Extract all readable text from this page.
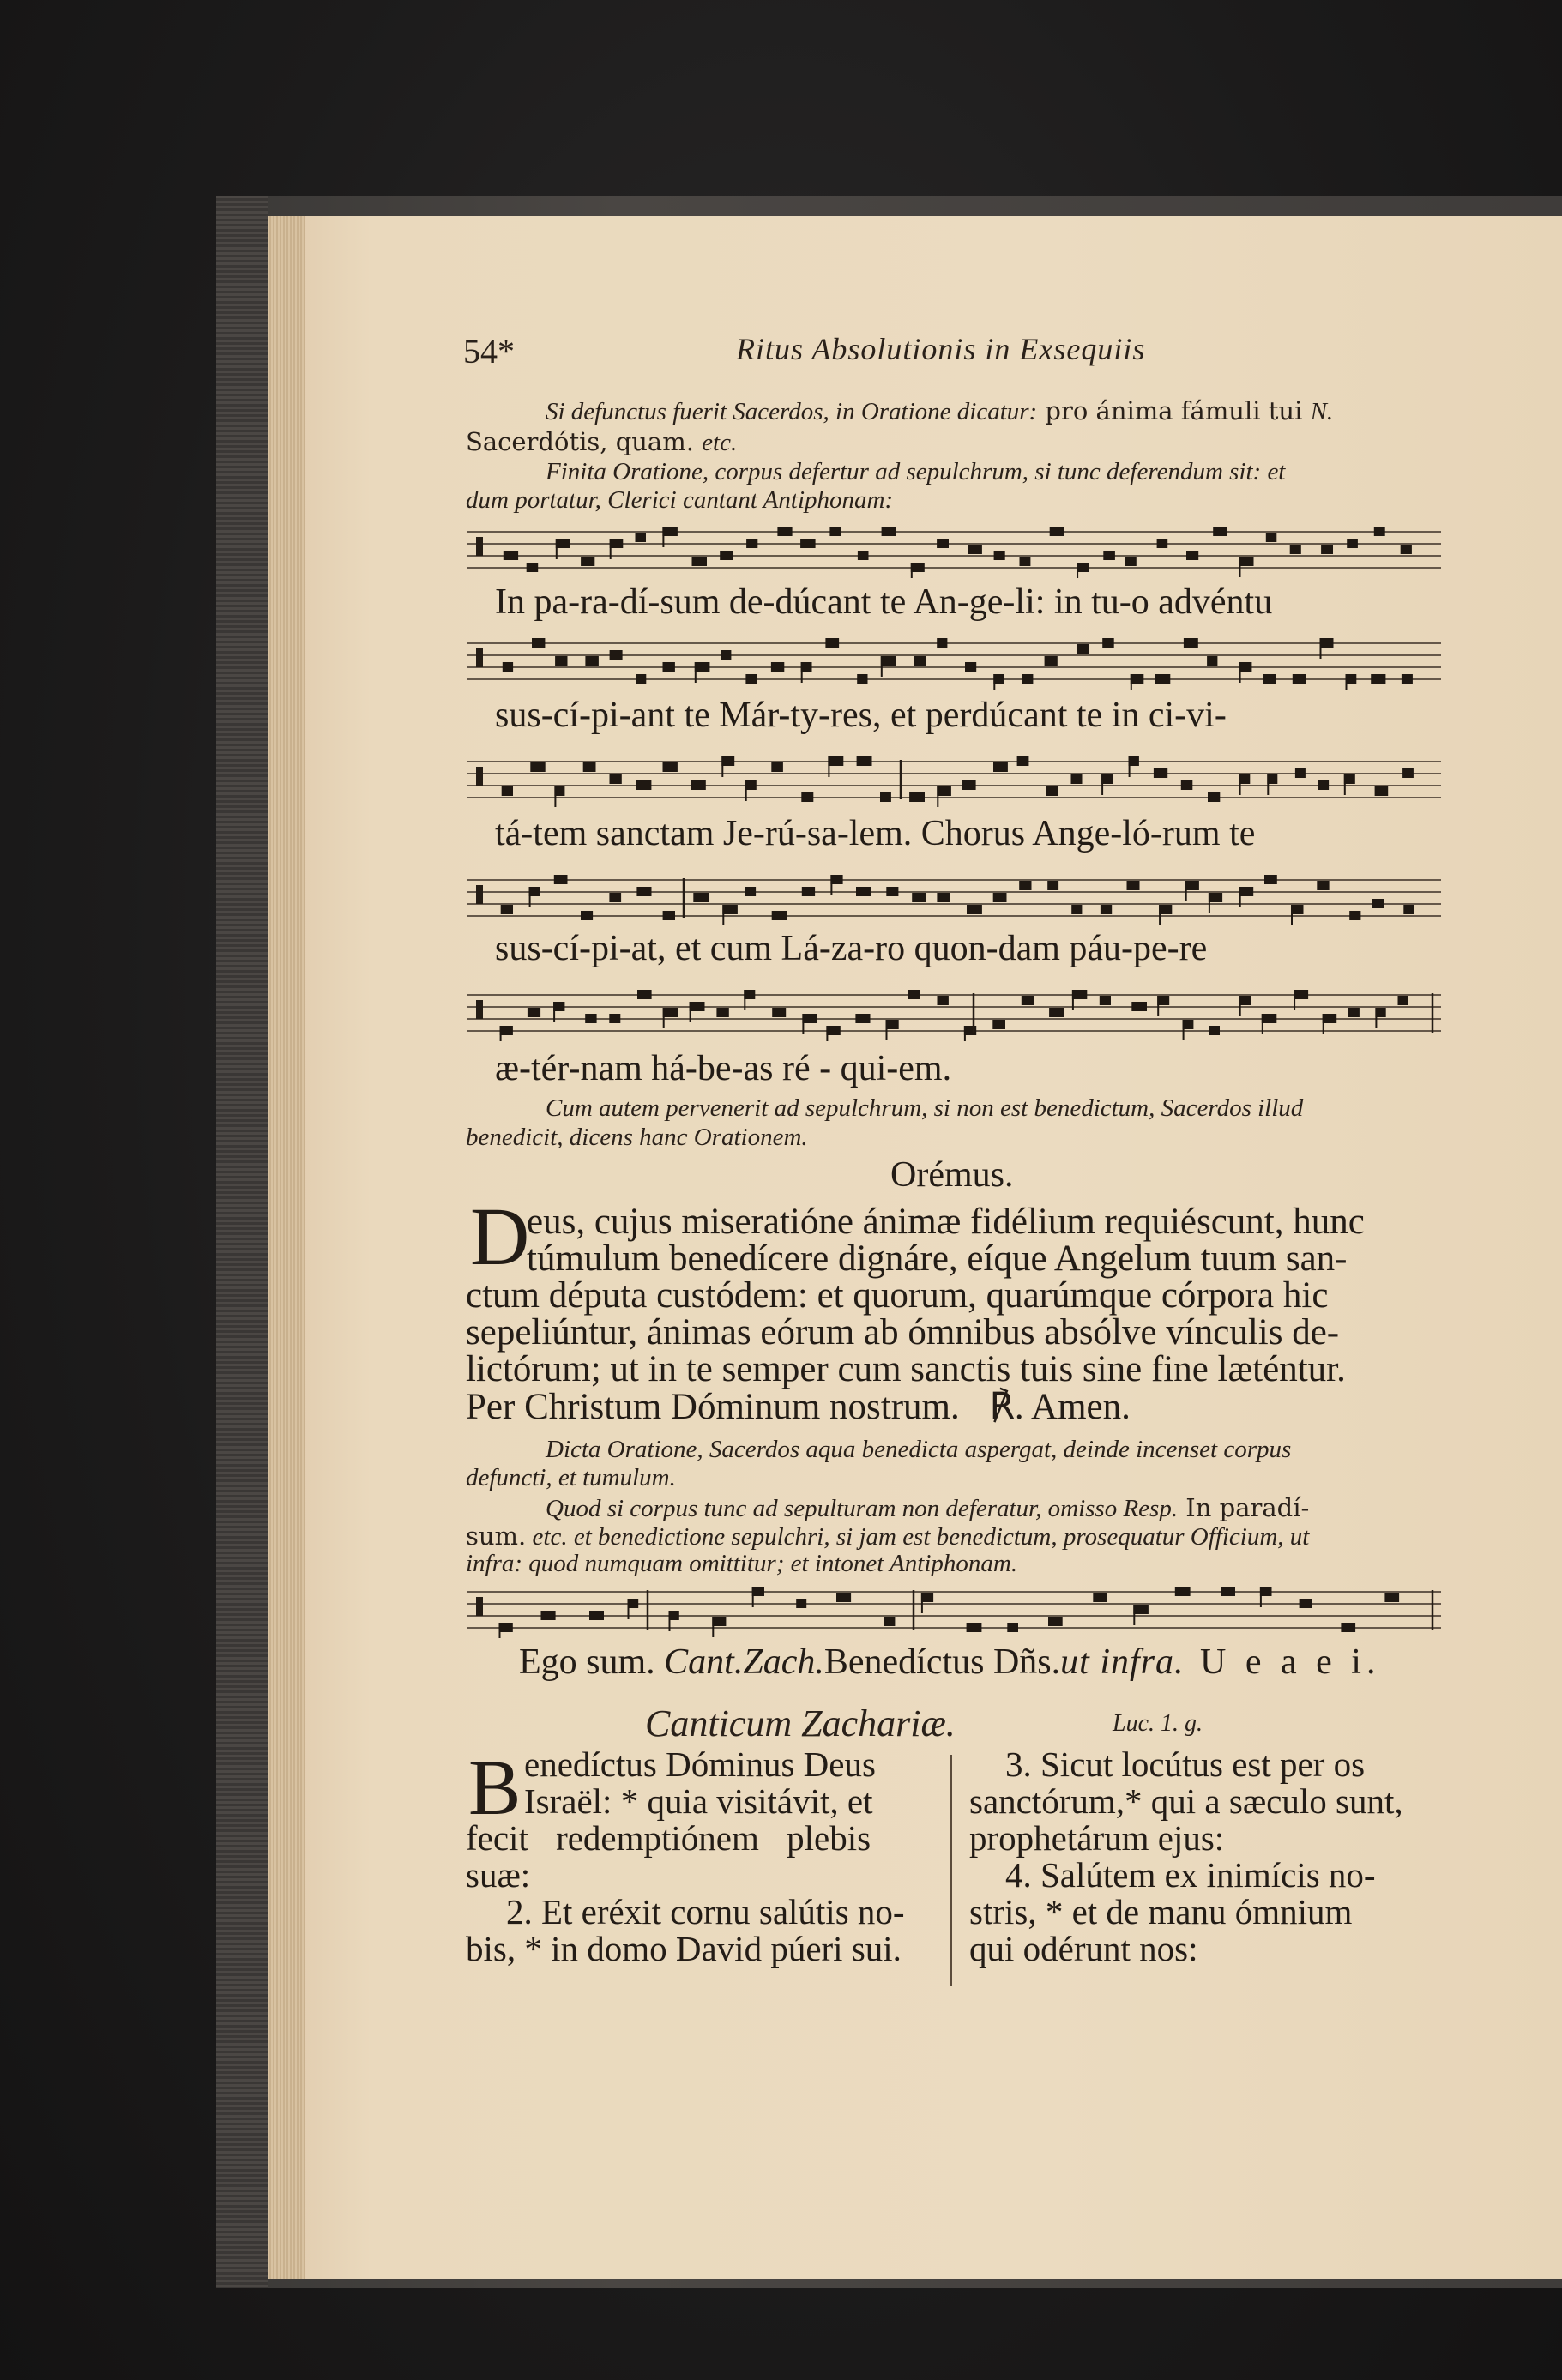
54*	Ritus Absolutionis in Exsequiis
Si defunctus fuerit Sacerdos, in Oratione dicatur: pro ánima fámuli tui N.
Sacerdótis, quam. etc.
Finita Oratione, corpus defertur ad sepulchrum, si tunc deferendum sit: et
dum portatur, Clerici cantant Antiphonam:
In pa-ra-dí-sum de-dúcant te An-ge-li: in tu-o advéntu
sus-cí-pi-ant te Már-ty-res, et perdúcant te in ci-vi-
tá-tem sanctam Je-rú-sa-lem. Chorus Ange-ló-rum te
sus-cí-pi-at, et cum Lá-za-ro quon-dam páu-pe-re
æ-tér-nam há-be-as ré - qui-em.
Cum autem pervenerit ad sepulchrum, si non est benedictum, Sacerdos illud
benedicit, dicens hanc Orationem.
Orémus.
D
eus, cujus miseratióne ánimæ fidélium requiéscunt, hunc
túmulum benedícere dignáre, eíque Angelum tuum san-
ctum députa custódem: et quorum, quarúmque córpora hic
sepeliúntur, ánimas eórum ab ómnibus absólve vínculis de-
lictórum; ut in te semper cum sanctis tuis sine fine læténtur.
Per Christum Dóminum nostrum. ℟. Amen.
Dicta Oratione, Sacerdos aqua benedicta aspergat, deinde incenset corpus
defuncti, et tumulum.
Quod si corpus tunc ad sepulturam non deferatur, omisso Resp. In paradí-
sum. etc. et benedictione sepulchri, si jam est benedictum, prosequatur Officium, ut
infra: quod numquam omittitur; et intonet Antiphonam.
Ego sum. Cant.Zach.Benedíctus Dñs.ut infra. U e a e i.
Canticum Zachariæ.	Luc. 1. g.
B enedíctus Dóminus Deus
Israël: * quia visitávit, et
fecit redemptiónem plebis
suæ:
2. Et eréxit cornu salútis no-
bis, * in domo David púeri sui.
3. Sicut locútus est per os
sanctórum,* qui a sæculo sunt,
prophetárum ejus:
4. Salútem ex inimícis no-
stris, * et de manu ómnium
qui odérunt nos:
